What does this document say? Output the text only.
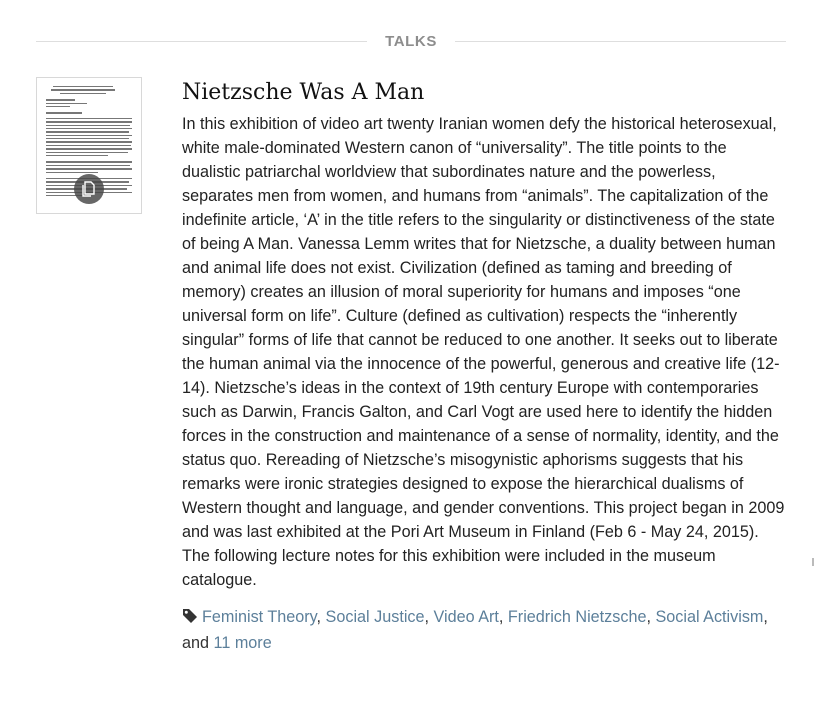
TALKS
Nietzsche Was A Man

In this exhibition of video art twenty Iranian women defy the historical heterosexual, white male-dominated Western canon of “universality”. The title points to the dualistic patriarchal worldview that subordinates nature and the powerless, separates men from women, and humans from “animals”. The capitalization of the indefinite article, ‘A’ in the title refers to the singularity or distinctiveness of the state of being A Man. Vanessa Lemm writes that for Nietzsche, a duality between human and animal life does not exist. Civilization (defined as taming and breeding of memory) creates an illusion of moral superiority for humans and imposes “one universal form on life”. Culture (defined as cultivation) respects the “inherently singular” forms of life that cannot be reduced to one another. It seeks out to liberate the human animal via the innocence of the powerful, generous and creative life (12-14). Nietzsche’s ideas in the context of 19th century Europe with contemporaries such as Darwin, Francis Galton, and Carl Vogt are used here to identify the hidden forces in the construction and maintenance of a sense of normality, identity, and the status quo. Rereading of Nietzsche’s misogynistic aphorisms suggests that his remarks were ironic strategies designed to expose the hierarchical dualisms of Western thought and language, and gender conventions. This project began in 2009 and was last exhibited at the Pori Art Museum in Finland (Feb 6 - May 24, 2015). The following lecture notes for this exhibition were included in the museum catalogue.

Feminist Theory, Social Justice, Video Art, Friedrich Nietzsche, Social Activism, and 11 more
